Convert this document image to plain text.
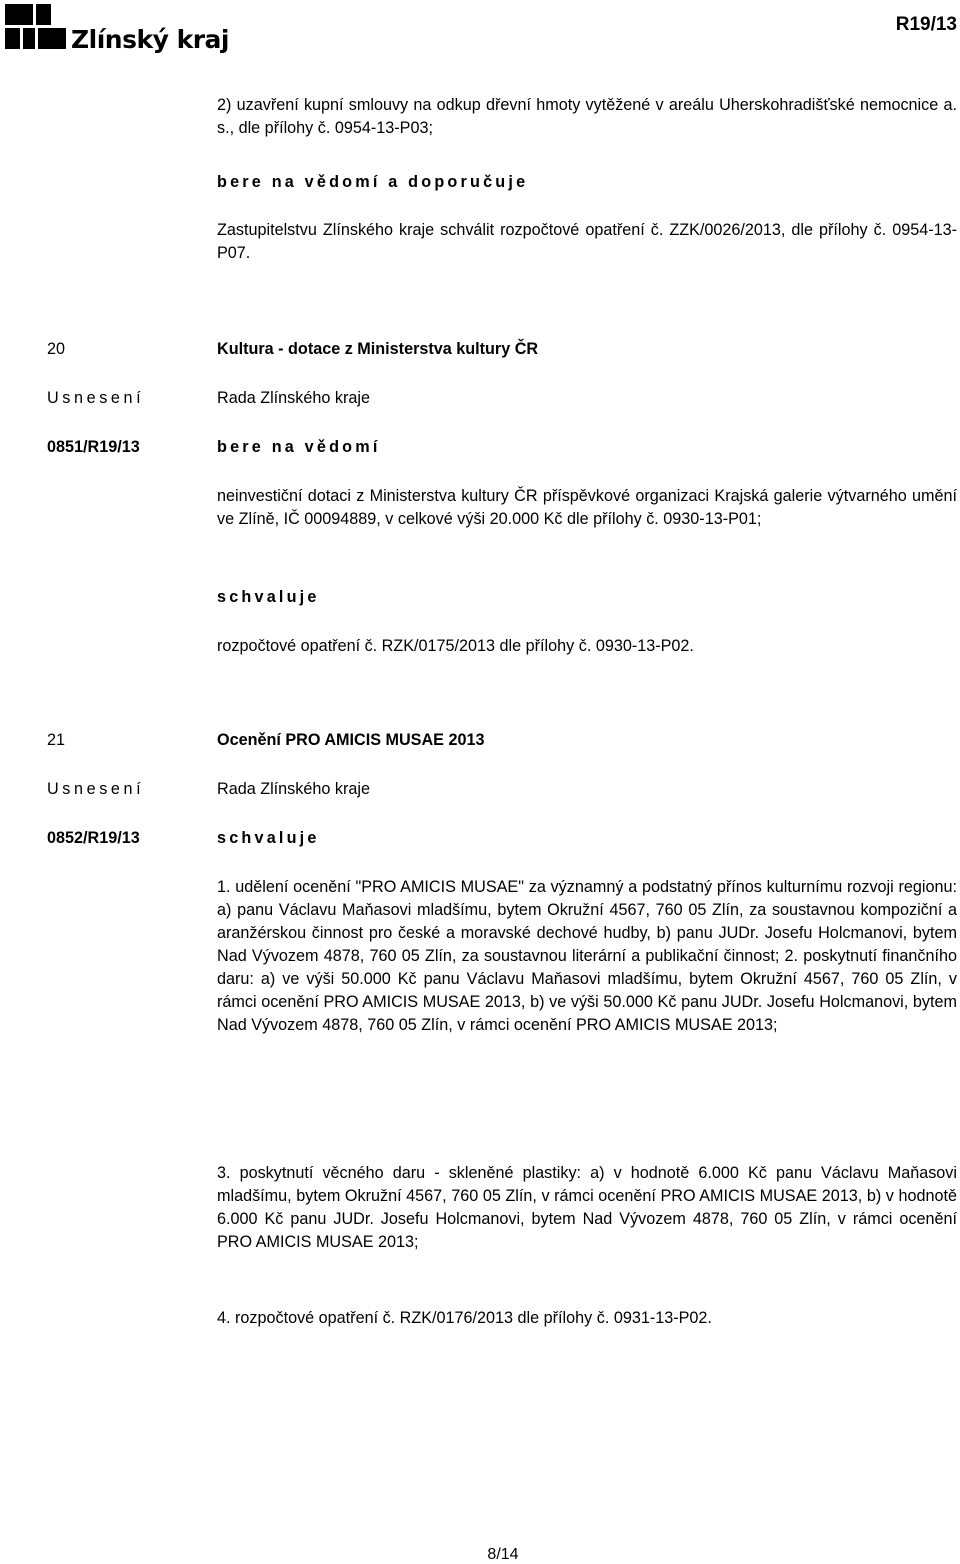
Zlínský kraj
R19/13
2) uzavření kupní smlouvy na odkup dřevní hmoty vytěžené v areálu Uherskohradišťské nemocnice a. s., dle přílohy č. 0954-13-P03;
bere na vědomí a doporučuje
Zastupitelstvu Zlínského kraje schválit rozpočtové opatření č. ZZK/0026/2013, dle přílohy č. 0954-13-P07.
20	Kultura - dotace z Ministerstva kultury ČR
Usnesení	Rada Zlínského kraje
0851/R19/13	bere na vědomí
neinvestiční dotaci z Ministerstva kultury ČR příspěvkové organizaci Krajská galerie výtvarného umění ve Zlíně, IČ 00094889, v celkové výši 20.000 Kč dle přílohy č. 0930-13-P01;
schvaluje
rozpočtové opatření č. RZK/0175/2013 dle přílohy č. 0930-13-P02.
21	Ocenění PRO AMICIS MUSAE 2013
Usnesení	Rada Zlínského kraje
0852/R19/13	schvaluje
1. udělení ocenění "PRO AMICIS MUSAE" za významný a podstatný přínos kulturnímu rozvoji regionu: a) panu Václavu Maňasovi mladšímu, bytem Okružní 4567, 760 05 Zlín, za soustavnou kompoziční a aranžérskou činnost pro české a moravské dechové hudby, b) panu JUDr. Josefu Holcmanovi, bytem Nad Vývozem 4878, 760 05 Zlín, za soustavnou literární a publikační činnost; 2. poskytnutí finančního daru: a) ve výši 50.000 Kč panu Václavu Maňasovi mladšímu, bytem Okružní 4567, 760 05 Zlín, v rámci ocenění PRO AMICIS MUSAE 2013, b) ve výši 50.000 Kč panu JUDr. Josefu Holcmanovi, bytem Nad Vývozem 4878, 760 05 Zlín, v rámci ocenění PRO AMICIS MUSAE 2013;
3. poskytnutí věcného daru - skleněné plastiky: a) v hodnotě 6.000 Kč panu Václavu Maňasovi mladšímu, bytem Okružní 4567, 760 05 Zlín, v rámci ocenění PRO AMICIS MUSAE 2013, b) v hodnotě 6.000 Kč panu JUDr. Josefu Holcmanovi, bytem Nad Vývozem 4878, 760 05 Zlín, v rámci ocenění PRO AMICIS MUSAE 2013;
4. rozpočtové opatření č. RZK/0176/2013 dle přílohy č. 0931-13-P02.
8/14
